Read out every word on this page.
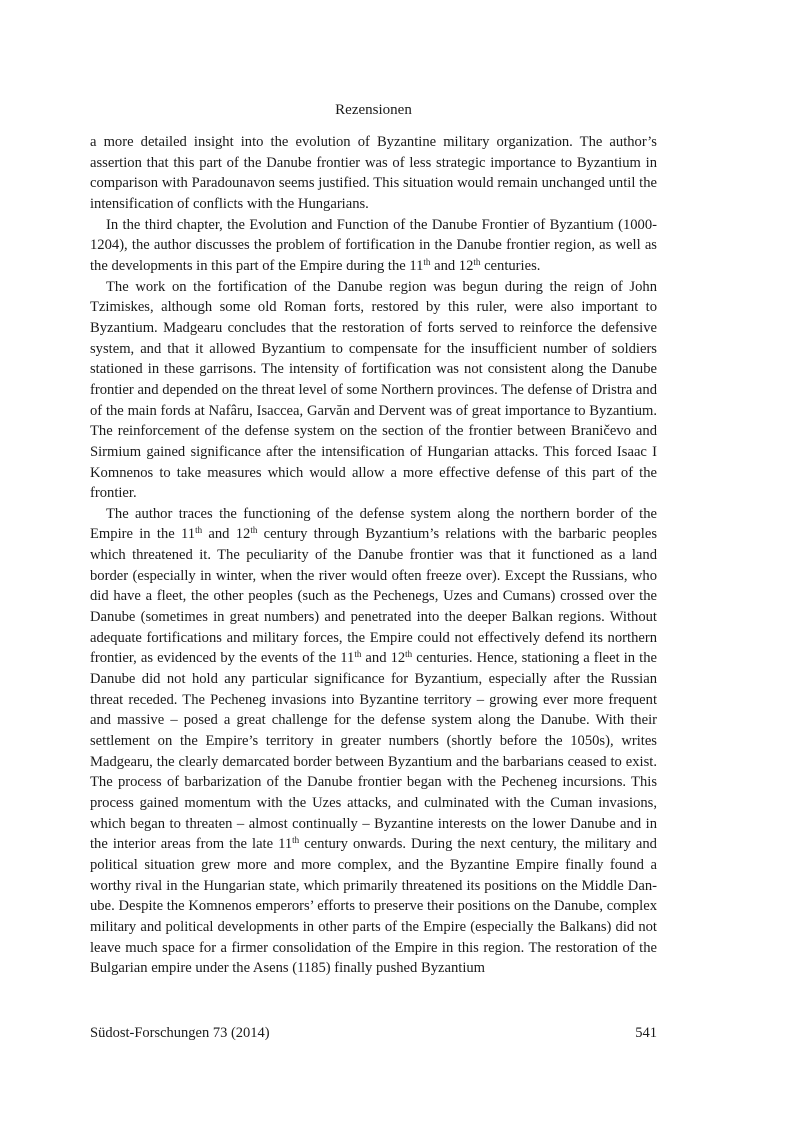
Rezensionen

a more detailed insight into the evolution of Byzantine military organization. The author’s assertion that this part of the Danube frontier was of less strategic importance to Byzantium in comparison with Paradounavon seems justified. This situation would remain unchanged until the intensification of conflicts with the Hungarians.

In the third chapter, the Evolution and Function of the Danube Frontier of Byzantium (1000-1204), the author discusses the problem of fortification in the Danube frontier region, as well as the developments in this part of the Empire during the 11th and 12th centuries.

The work on the fortification of the Danube region was begun during the reign of John Tzimiskes, although some old Roman forts, restored by this ruler, were also important to Byzantium. Madgearu concludes that the restoration of forts served to reinforce the defensive system, and that it allowed Byzantium to compensate for the insufficient number of soldiers stationed in these garrisons. The intensity of fortification was not consistent along the Danube frontier and depended on the threat level of some Northern provinces. The defense of Dristra and of the main fords at Nafâru, Isaccea, Garvăn and Dervent was of great importance to Byzantium. The reinforcement of the defense system on the section of the frontier between Braničevo and Sirmium gained significance after the intensification of Hungarian attacks. This forced Isaac I Komnenos to take measures which would allow a more effective defense of this part of the frontier.

The author traces the functioning of the defense system along the northern border of the Empire in the 11th and 12th century through Byzantium’s relations with the barbaric peoples which threatened it. The peculiarity of the Danube frontier was that it functioned as a land border (especially in winter, when the river would often freeze over). Except the Russians, who did have a fleet, the other peoples (such as the Pechenegs, Uzes and Cumans) crossed over the Danube (sometimes in great numbers) and penetrated into the deeper Balkan regions. Without adequate fortifications and military forces, the Empire could not effectively defend its northern frontier, as evidenced by the events of the 11th and 12th centuries. Hence, stationing a fleet in the Danube did not hold any particular significance for Byzantium, especially after the Russian threat receded. The Pecheneg invasions into Byzantine territory – growing ever more frequent and massive – posed a great challenge for the defense system along the Danube. With their settlement on the Empire’s territory in greater numbers (shortly before the 1050s), writes Madgearu, the clearly demarcated border between Byzantium and the barbarians ceased to exist. The process of barbarization of the Danube frontier began with the Pecheneg incursions. This process gained momentum with the Uzes attacks, and culminated with the Cuman invasions, which began to threaten – almost continually – Byzantine interests on the lower Danube and in the interior areas from the late 11th century onwards. During the next century, the military and political situation grew more and more complex, and the Byzantine Empire finally found a worthy rival in the Hungarian state, which primarily threatened its positions on the Middle Danube. Despite the Komnenos emperors’ efforts to preserve their positions on the Danube, complex military and political developments in other parts of the Empire (especially the Balkans) did not leave much space for a firmer consolidation of the Empire in this region. The restoration of the Bulgarian empire under the Asens (1185) finally pushed Byzantium

Südost-Forschungen 73 (2014)	541
